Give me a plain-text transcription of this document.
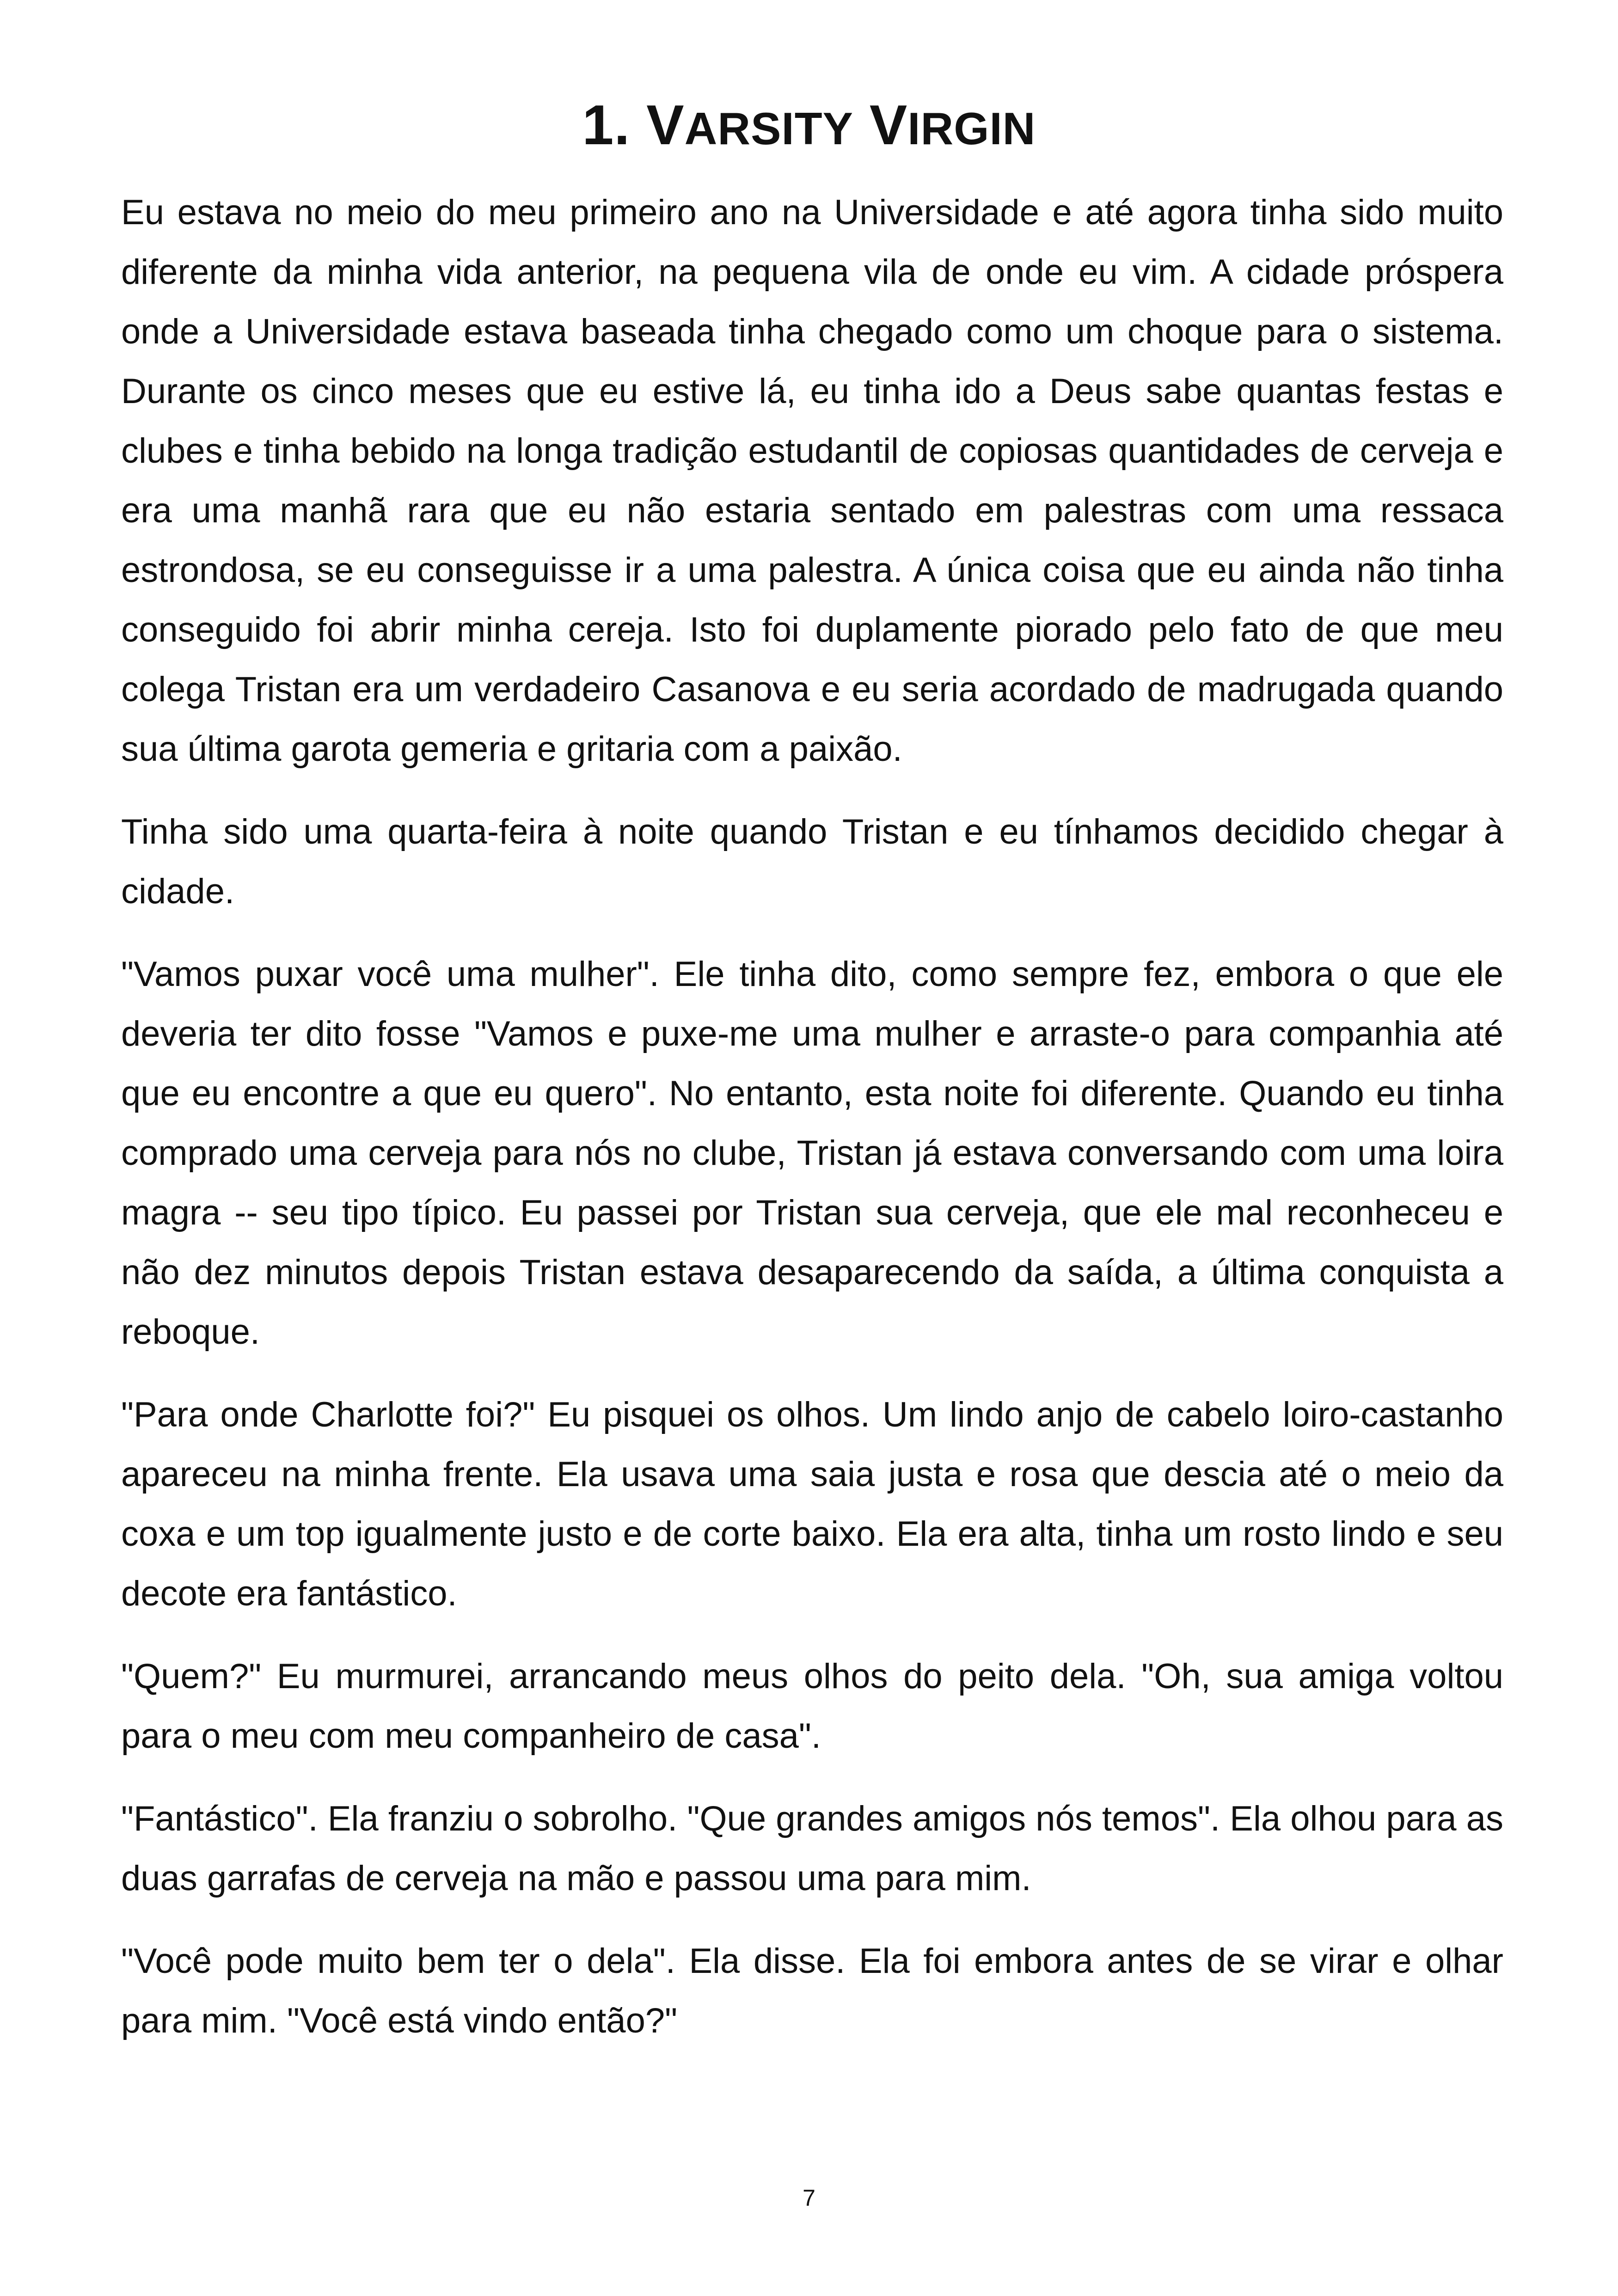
1. VARSITY VIRGIN

Eu estava no meio do meu primeiro ano na Universidade e até agora tinha sido muito diferente da minha vida anterior, na pequena vila de onde eu vim. A cidade próspera onde a Universidade estava baseada tinha chegado como um choque para o sistema. Durante os cinco meses que eu estive lá, eu tinha ido a Deus sabe quantas festas e clubes e tinha bebido na longa tradição estudantil de copiosas quantidades de cerveja e era uma manhã rara que eu não estaria sentado em palestras com uma ressaca estrondosa, se eu conseguisse ir a uma palestra. A única coisa que eu ainda não tinha conseguido foi abrir minha cereja. Isto foi duplamente piorado pelo fato de que meu colega Tristan era um verdadeiro Casanova e eu seria acordado de madrugada quando sua última garota gemeria e gritaria com a paixão.

Tinha sido uma quarta-feira à noite quando Tristan e eu tínhamos decidido chegar à cidade.

"Vamos puxar você uma mulher". Ele tinha dito, como sempre fez, embora o que ele deveria ter dito fosse "Vamos e puxe-me uma mulher e arraste-o para companhia até que eu encontre a que eu quero". No entanto, esta noite foi diferente. Quando eu tinha comprado uma cerveja para nós no clube, Tristan já estava conversando com uma loira magra -- seu tipo típico. Eu passei por Tristan sua cerveja, que ele mal reconheceu e não dez minutos depois Tristan estava desaparecendo da saída, a última conquista a reboque.

"Para onde Charlotte foi?" Eu pisquei os olhos. Um lindo anjo de cabelo loiro-castanho apareceu na minha frente. Ela usava uma saia justa e rosa que descia até o meio da coxa e um top igualmente justo e de corte baixo. Ela era alta, tinha um rosto lindo e seu decote era fantástico.

"Quem?" Eu murmurei, arrancando meus olhos do peito dela. "Oh, sua amiga voltou para o meu com meu companheiro de casa".

"Fantástico". Ela franziu o sobrolho. "Que grandes amigos nós temos". Ela olhou para as duas garrafas de cerveja na mão e passou uma para mim.

"Você pode muito bem ter o dela". Ela disse. Ela foi embora antes de se virar e olhar para mim. "Você está vindo então?"

7
